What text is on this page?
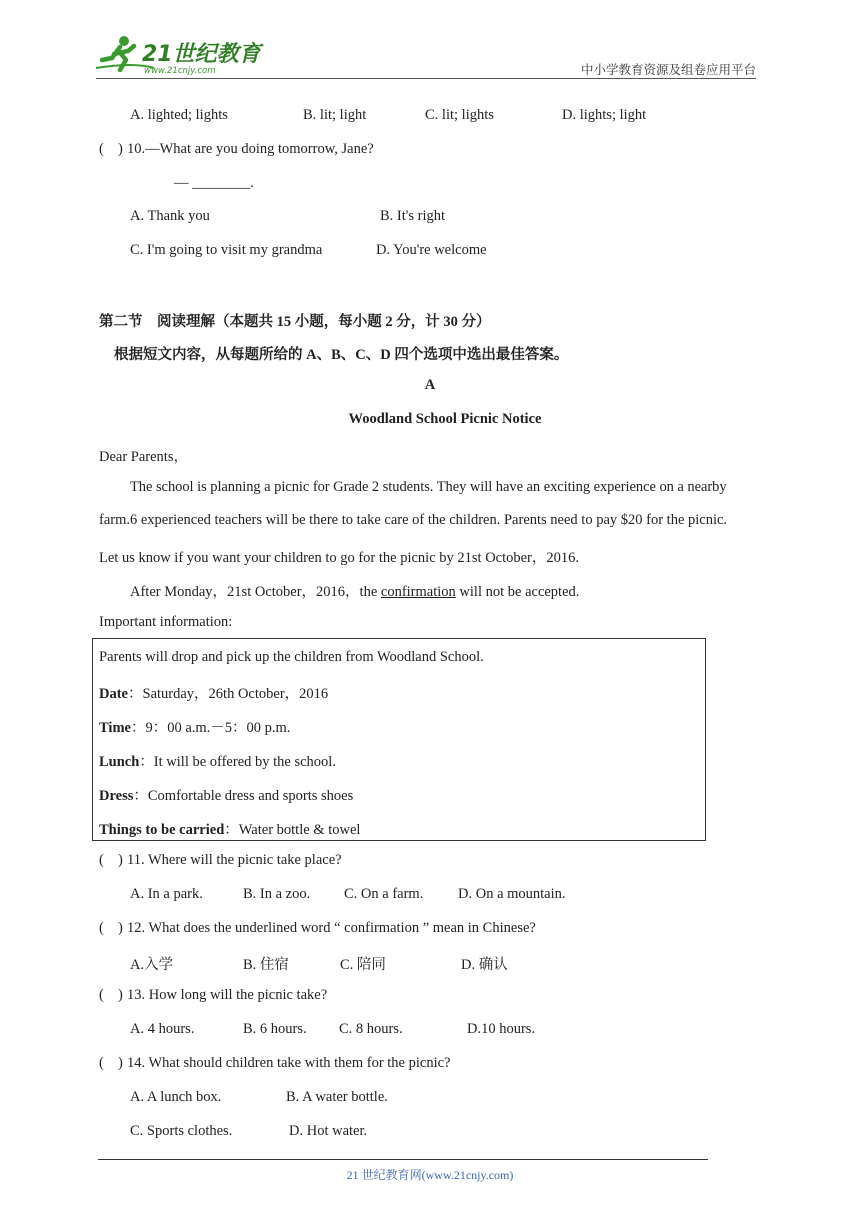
21世纪教育
www.21cnjy.com	中小学教育资源及组卷应用平台
A. lighted; lights	B. lit; light	C. lit; lights	D. lights; light
( ) 10.—What are you doing tomorrow, Jane?
— ________.
A. Thank you	B. It's right
C. I'm going to visit my grandma	D. You're welcome
第二节　阅读理解（本题共 15 小题，每小题 2 分，计 30 分）
根据短文内容，从每题所给的 A、B、C、D 四个选项中选出最佳答案。
A
Woodland School Picnic Notice
Dear Parents，
The school is planning a picnic for Grade 2 students. They will have an exciting experience on a nearby
farm.6 experienced teachers will be there to take care of the children. Parents need to pay $20 for the picnic.
Let us know if you want your children to go for the picnic by 21st October，2016.
After Monday，21st October，2016，the confirmation will not be accepted.
Important information:
Parents will drop and pick up the children from Woodland School.
Date：Saturday，26th October，2016
Time：9：00 a.m.－5：00 p.m.
Lunch：It will be offered by the school.
Dress：Comfortable dress and sports shoes
Things to be carried：Water bottle & towel
( ) 11. Where will the picnic take place?
A. In a park.	B. In a zoo. C. On a farm. D. On a mountain.
( ) 12. What does the underlined word “ confirmation ” mean in Chinese?
A.入学	B. 住宿	C. 陪同	D. 确认
( ) 13. How long will the picnic take?
A. 4 hours.	B. 6 hours. C. 8 hours.	D.10 hours.
( ) 14. What should children take with them for the picnic?
A. A lunch box.	B. A water bottle.
C. Sports clothes.	D. Hot water.
21 世纪教育网(www.21cnjy.com)
